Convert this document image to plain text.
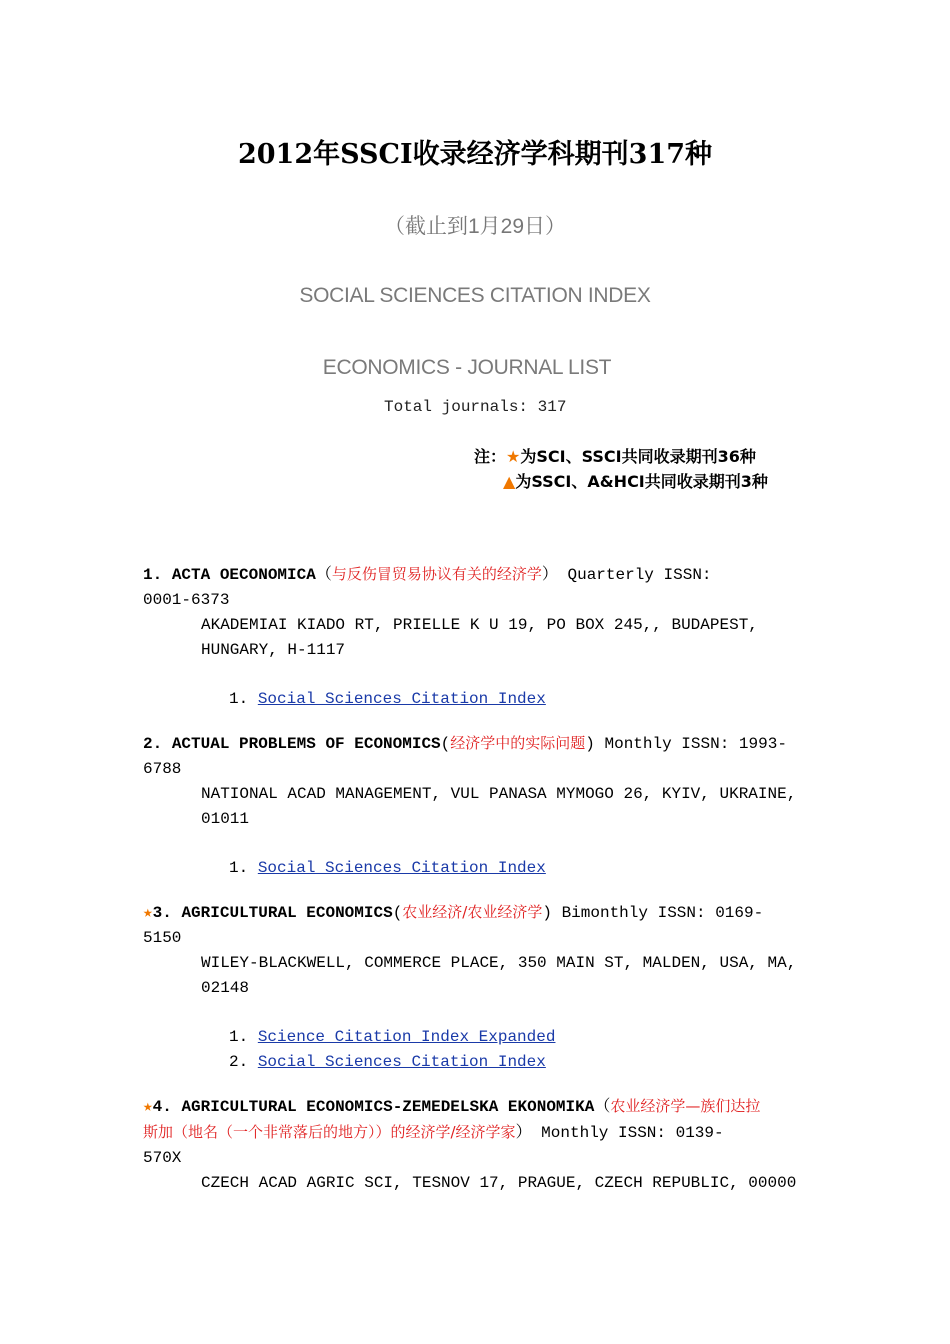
2012年SSCI收录经济学科期刊317种
（截止到1月29日）
SOCIAL SCIENCES CITATION INDEX
ECONOMICS - JOURNAL LIST
Total journals: 317
注：★为SCI、SSCI共同收录期刊36种
▲为SSCI、A&HCI共同收录期刊3种
1. ACTA OECONOMICA（与反伤冒贸易协议有关的经济学） Quarterly ISSN:
0001-6373
AKADEMIAI KIADO RT, PRIELLE K U 19, PO BOX 245,, BUDAPEST,
HUNGARY, H-1117
1. Social Sciences Citation Index
2. ACTUAL PROBLEMS OF ECONOMICS(经济学中的实际问题) Monthly ISSN: 1993-
6788
NATIONAL ACAD MANAGEMENT, VUL PANASA MYMOGO 26, KYIV, UKRAINE,
01011
1. Social Sciences Citation Index
★3. AGRICULTURAL ECONOMICS(农业经济/农业经济学) Bimonthly ISSN: 0169-
5150
WILEY-BLACKWELL, COMMERCE PLACE, 350 MAIN ST, MALDEN, USA, MA,
02148
1. Science Citation Index Expanded
2. Social Sciences Citation Index
★4. AGRICULTURAL ECONOMICS-ZEMEDELSKA EKONOMIKA（农业经济学—族们达拉
斯加（地名（一个非常落后的地方））的经济学/经济学家） Monthly ISSN: 0139-
570X
CZECH ACAD AGRIC SCI, TESNOV 17, PRAGUE, CZECH REPUBLIC, 00000
